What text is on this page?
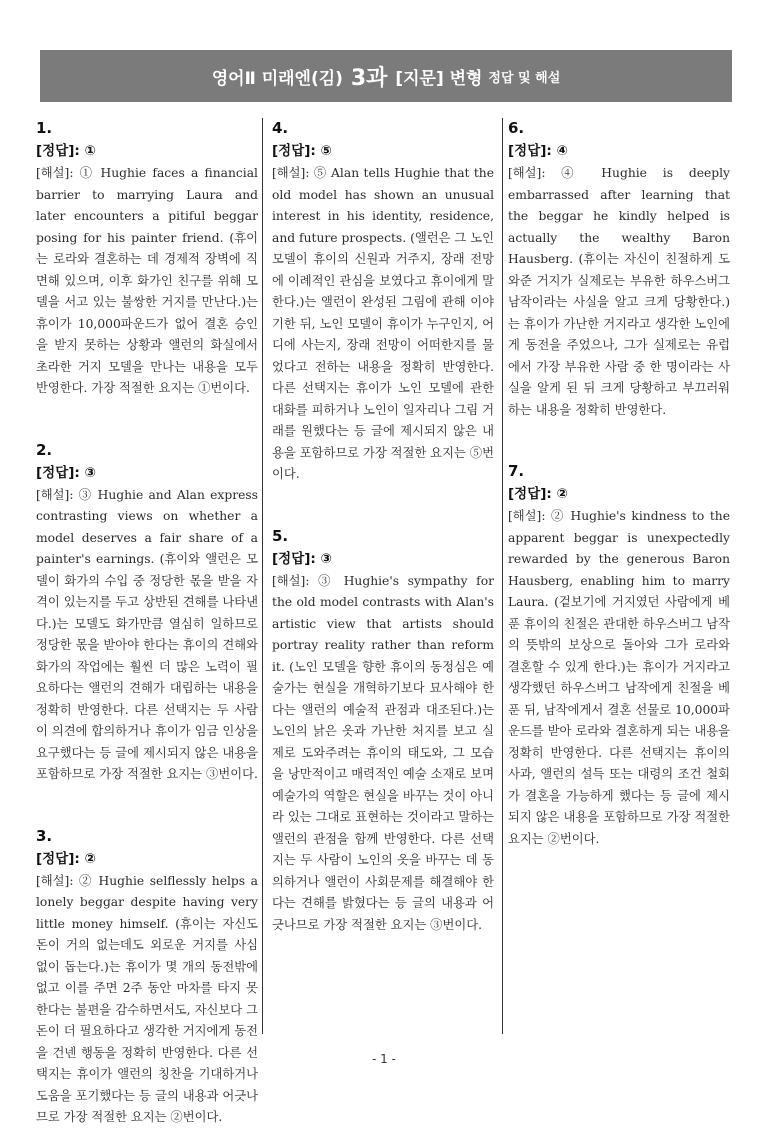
영어Ⅱ 미래엔(김)
3과
[지문] 변형
정답 및 해설
1.
[정답]: ①

[해설]: ① Hughie faces a financial barrier to marrying Laura and later encounters a pitiful beggar posing for his painter friend. (휴이는 로라와 결혼하는 데 경제적 장벽에 직면해 있으며, 이후 화가인 친구를 위해 모델을 서고 있는 불쌍한 거지를 만난다.)는 휴이가 10,000파운드가 없어 결혼 승인을 받지 못하는 상황과 앨런의 화실에서 초라한 거지 모델을 만나는 내용을 모두 반영한다. 가장 적절한 요지는 ①번이다.

2.
[정답]: ③

[해설]: ③ Hughie and Alan express contrasting views on whether a model deserves a fair share of a painter's earnings. (휴이와 앨런은 모델이 화가의 수입 중 정당한 몫을 받을 자격이 있는지를 두고 상반된 견해를 나타낸다.)는 모델도 화가만큼 열심히 일하므로 정당한 몫을 받아야 한다는 휴이의 견해와 화가의 작업에는 훨씬 더 많은 노력이 필요하다는 앨런의 견해가 대립하는 내용을 정확히 반영한다. 다른 선택지는 두 사람이 의견에 합의하거나 휴이가 임금 인상을 요구했다는 등 글에 제시되지 않은 내용을 포함하므로 가장 적절한 요지는 ③번이다.

3.
[정답]: ②

[해설]: ② Hughie selflessly helps a lonely beggar despite having very little money himself. (휴이는 자신도 돈이 거의 없는데도 외로운 거지를 사심 없이 돕는다.)는 휴이가 몇 개의 동전밖에 없고 이를 주면 2주 동안 마차를 타지 못한다는 불편을 감수하면서도, 자신보다 그 돈이 더 필요하다고 생각한 거지에게 동전을 건넨 행동을 정확히 반영한다. 다른 선택지는 휴이가 앨런의 칭찬을 기대하거나 도움을 포기했다는 등 글의 내용과 어긋나므로 가장 적절한 요지는 ②번이다.

4.
[정답]: ⑤

[해설]: ⑤ Alan tells Hughie that the old model has shown an unusual interest in his identity, residence, and future prospects. (앨런은 그 노인 모델이 휴이의 신원과 거주지, 장래 전망에 이례적인 관심을 보였다고 휴이에게 말한다.)는 앨런이 완성된 그림에 관해 이야기한 뒤, 노인 모델이 휴이가 누구인지, 어디에 사는지, 장래 전망이 어떠한지를 물었다고 전하는 내용을 정확히 반영한다. 다른 선택지는 휴이가 노인 모델에 관한 대화를 피하거나 노인이 일자리나 그림 거래를 원했다는 등 글에 제시되지 않은 내용을 포함하므로 가장 적절한 요지는 ⑤번이다.

5.
[정답]: ③

[해설]: ③ Hughie's sympathy for the old model contrasts with Alan's artistic view that artists should portray reality rather than reform it. (노인 모델을 향한 휴이의 동정심은 예술가는 현실을 개혁하기보다 묘사해야 한다는 앨런의 예술적 관점과 대조된다.)는 노인의 낡은 옷과 가난한 처지를 보고 실제로 도와주려는 휴이의 태도와, 그 모습을 낭만적이고 매력적인 예술 소재로 보며 예술가의 역할은 현실을 바꾸는 것이 아니라 있는 그대로 표현하는 것이라고 말하는 앨런의 관점을 함께 반영한다. 다른 선택지는 두 사람이 노인의 옷을 바꾸는 데 동의하거나 앨런이 사회문제를 해결해야 한다는 견해를 밝혔다는 등 글의 내용과 어긋나므로 가장 적절한 요지는 ③번이다.

6.
[정답]: ④

[해설]: ④ Hughie is deeply embarrassed after learning that the beggar he kindly helped is actually the wealthy Baron Hausberg. (휴이는 자신이 친절하게 도와준 거지가 실제로는 부유한 하우스버그 남작이라는 사실을 알고 크게 당황한다.)는 휴이가 가난한 거지라고 생각한 노인에게 동전을 주었으나, 그가 실제로는 유럽에서 가장 부유한 사람 중 한 명이라는 사실을 알게 된 뒤 크게 당황하고 부끄러워하는 내용을 정확히 반영한다.

7.
[정답]: ②

[해설]: ② Hughie's kindness to the apparent beggar is unexpectedly rewarded by the generous Baron Hausberg, enabling him to marry Laura. (겉보기에 거지였던 사람에게 베푼 휴이의 친절은 관대한 하우스버그 남작의 뜻밖의 보상으로 돌아와 그가 로라와 결혼할 수 있게 한다.)는 휴이가 거지라고 생각했던 하우스버그 남작에게 친절을 베푼 뒤, 남작에게서 결혼 선물로 10,000파운드를 받아 로라와 결혼하게 되는 내용을 정확히 반영한다. 다른 선택지는 휴이의 사과, 앨런의 설득 또는 대령의 조건 철회가 결혼을 가능하게 했다는 등 글에 제시되지 않은 내용을 포함하므로 가장 적절한 요지는 ②번이다.

- 1 -
